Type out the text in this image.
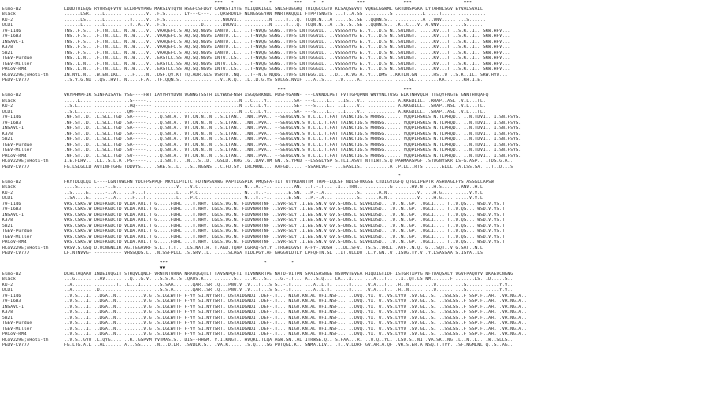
***   *      *      *        ***    *  *            ***              ***                   ***
Elmo-02	LDDDTVIEQG RYVRSQFVYV ECLRPVYPWG MAKSIVTQYN HSGFCSFDGY CAMKSTIYTE YLIQDKIGLL SNLSFDEGRQ TVIQGCCGTV KLSAQSEVVT VQKELGGWML GRTDNSPGKA LYTAHNLSGV EYVALSVAIL
Black	......LSR. ...L...... ........V. .F.S...... LY---C---. ..QASRDVLF NLNGSGEYRN MNRTAKQQII FTPPTSNGTS ...T..A.SS .........S ..........L ....T..... ..........
KU-2	......LS.. ...L...... ..T.....V. .F.S...... .......... ...NVDVI.. .........N ....T...Q. TCQN.N...A .....S..SE ..QQNN.S.. ..........A ..VNV..... ...S......
UCD1	......L... ...L...... ..T..A..V. .F.S...... ......D... ...DVDVI.. .........N ....T...Q. TCQN.N...A ..S..S..SE ..QQNN.S.. .K..C...V. A.VNV..... ...S......
79-1146	TNS..F.S.. .F.TN..LL. N..W....V. .VAAQEFC.S AQ.SQ.NGVS IANTV..L.. ..T-NVQG SGNG..TVFS LNTTGGVIL. ..VSSSSYYG E..Y...D.S N..SVLNGT. .....KV...T ..S.K..I.. SKW.HFV...
79-1683	TNS..F.S.. .F.TN..LL. N..W....V. .VAAQEFC.S AQ.SQ.NGVS IANTV..L.. ..T-NVQG SGNG..TVFS LNTTGGVIL. ..VSSSSYYG E..Y...D.S N..SVLNGT. .....KV...T ..S.K..I.. SKW.HFV...
INSAVC-1	TNS..F.S.. .F.TN..LL. N..W....V. .VAAQEFC.S AQ.SQ.NGVS IANTV..L.. ..T-NVQG SGNG..TVFS LNTTGGVIL. ..VSSSSYYG E..Y...D.S N..SVLNGT. .....KV...T ..S.K..I.. SKW.HFV...
K378	TNS..F.S.. .F.TN..LL. N..W....V. .VAAQEFC.S AQ.SQ.NGVS IANTV..L.. ..T-NVQG SGNG..TVFS LNTTGGVIL. ..VSSSSYYG E..Y...D.S N..SVLNGT. .....KV...T ..S.K..I.. SKW.HFV...
5821	TNS..F.S.. .F.TN..LL. N..W....V. .VAAQEFC.S AQ.SQ.NGVS IANTV..L.. ..T-NVQG SGNG..TVFS LNTTGGVIL. ..VSSSSYYG E..Y...D.S N..SVLNGT. .....KV...T ..S.K..I.. SKW.HFV...
TGEV-Purdue	TNS..L.N.. .F.TN..LL. N..W....V. .EASTLC.SS AQ.SQ.NGVS INTV..LS.. ..T-NVQG SGNG..TVFS LNTTGGGIL. ..VSSSSYYG E..Y...D.S N..SVLNGT. .....KV...T ..S.K..I.. SKW.HFV...
TGEV-Miller	TNS..L.N.. .F.TN..LL. N..W....V. .EASTLC.SS AQ.SQ.NGVS INTV..LS.. ..T-NVQG SGNG..TVFS LNTTGGGIL. ..VSSSSYYG E..Y...D.S N..SVLNGT. .....KV...T ..S.K..I.. SKW.HFV...
PRCoV-RM4	TNS..L.N.. .F.TN..LL. N..W....V. .EASTLC.SS AQ.SQ.NGVS INTV..LS.. ..T-NVQG SGNG..TVFS LNTTGGGIL. ..VSSSSYYG E..Y...D.S N..SVLNGT. .....KV...T ..S.K..I.. SKW.HFV...
HCoV229E;vHoti-th	IN.NYL.N.. .W.EN.IKL. ...F....N. .DSF.QY.KT TQ.ADR.GLS VSRTV..NQ. ..T--N.G NQDG..TVFS LNTEGG.IL. ..D...K.VG A..Y...DMS ..KKTLN.GN .....RS..V ..S.K..IL. SKW.HYV...
PEDV-CV777	..S.Y.G.NI ..QS..HVT. N.....F.A. .TF.QQN.S. .......... ..V..K.Q.. .L..D.G.YS SVLGS.NVIF ...A..S... ..V.....A. .......... .....SL... .....KA... ...KH.I.E.
***                                           ***
Elmo-02	VKYPHMPFIK SINFAISAYE YSG----FWT IAYYHYYDVN VGNNGTSSTH ILYWDSFNSH ISGQGRKNDL PDSFYGANN- ---LVKNDLPET FVTTGPQPNN WNYYNLTVSG ELKTNHVQLH TTEQYFNGTE GNNTHVQAFQ
Black	.....L.... .......... ..S-----.. .......... .......... .........N ..C....Y.. .......SA- ---L....L.. ..IS...V.. .......... A.KKEDIIL. .RRAP..ASL .V.L...TL.
KU-2	..S.L..... .......... ..AQ------ .......... .......... .........N ..C..L.Y.. .......SE- ---S....L.. ..I....V.. .......... A.KKGDILL. .SRAP..NSL .V.L...TL.
UCD1	..S.L..... .......... .QM------. .......... .......... .........N ..C..L.Y.. .......SA- ---S....L.. ..I....V.. .......... A.KKGDILL. .SRAP..ASL .V.L...TL.
79-1146	.NF.ST..D. .L.SLL.TGD .SA-----.. ..Q.SN.A.. VT.CN.N..N ..S.LTAN.. .NN..PVA.. --SEVGLVN.S V.L.L.T.FAT TAINCTIG.S MRNSG...... YQQPIHSKLS N.TLPHQD.. ..N.TDVI.. I.SN.FSYS.
79-1683	.NF.ST..D. .L.SLL.TGD .SA-----.. ..Q.SN.A.. VT.CN.N..N ..S.LTAN.. .NN..PVA.. --SEVGLVN.S V.L.L.T.FAT TAINCTIG.S MRNSG...... YQQPIHSKLS N.TLPHQD.. ..N.TDVI.. I.SN.FSYS.
INSAVC-1	.NF.ST..D. .L.SLL.TGD .SA-----.. ..Q.SN.A.. VT.CN.N..N ..S.LTAN.. .NN..PVA.. --SEVGLVN.S V.L.L.T.FAT TAINCTIG.S MRNSG...... YQQPIHSKLS N.TLPHQD.. ..N.TDVI.. I.SN.FSYS.
K378	.NF.ST..D. .L.SLL.TGD .SA-----.. ..Q.SN.A.. VT.CN.N..N ..S.LTAN.. .NN..PVA.. --SEVGLVN.S V.L.L.T.FAT TAINCTIG.S MRNSG...... YQQPIHSKLS N.TLPHQD.. ..N.TDVI.. I.SN.FSYS.
5821	.NF.ST..D. .L.SLL.TGD .SA-----.. ..Q.SN.A.. VT.CN.N..N ..S.LTAN.. .NN..PVA.. --SEVGLVN.S V.L.L.T.FAT TAINCTIG.S MRNSG...... YQQPIHSKLS N.TLPHQD.. ..N.TDVI.. I.SN.FSYS.
TGEV-Purdue	.NF.ST..D. .L.SLL.TGD .SA-----.. ..Q.SN.A.. VT.CN.N..N ..S.LTAN.. .NN..PVA.. --SEVGLVN.S V.L.L.T.FAT TAINCTIG.S MRNSG...... YQQPIHSKLS N.TLPHQD.. ..N.TDVI.. I.SN.FSYS.
TGEV-Miller	.NF.ST..D. .L.SLL.TGD .SV-----.. ..Q.SN.A.. VT.CN.N..N ..S.LTAN.. .NN..PVA.. --SEVGLVN.S V.L.L.T.FAT TAINCTIG.S MRNSG...... YQQPIHSKLS N.TLPHQD.. ..N.TDVI.. I.SN.FSYS.
PRCoV-RM4	.NF.ST..D. .L.SLL.TGD .SV-----.. ..Q.SN.A.. VT.CN.N..N ..S.LTAN.. .NN..PVA.. --SEVGLVN.S V.L.L.T.FAT TAINCTIG.S MRNSG...... YQQPIHSKLS N.TLPHQD.. ..N.TDVI.. I.SN.FSYS.
HCoV229E;vHoti-th	I.E.FLHV.. .LL..S.L.A .PS-----.. ..I.SN.T.. .N...S..D. .GSLD..KRG .G..DAV.VM GN..S.YPKD --LSSGLYSP S.TLI.ASVT NTTIWT.S.Q PAHMAASPGF .STVGNYSKR LS-G.ASP.. .TDS.G.A..
PEDV-CV777	FG.LSLGLLD AVTINFTGHG TDDVYS.... .SKE.S..L. ..S..NGSNS ..C.FD.SY. LRLMRNL... AAFGD..... -SSAHLVG-- ...EASLIS. .........A .P.LL..RTS ......ELLL .A.LSS.SA. ..T..D...S
*
Elmo-02	FKYTDLQLQI L----LGNTVWLHN YDCFPSPPQF MKYLLPTLTC FDTNPSVAWG PAPTIGSPIK PMQSFA-TIT VTYKDANTTM TRPF-LQLSF NDISFVKGSE CTDIGYIGFQ QTGLIPEPTR ASHVAGLFYS ASSGLLAPSW
Black	....S..... ....-..E.. .......... ........V. ..V.C..... .......... N...A..-.. .......AN. ..T.-.T... .I...TRN.. .........G ......HV.N ...H.S.... ..ANV..H.L
KU-2	..S.....E. ....-..A.. ...F...T.. ........L. ..P.C..... .......... N...T..-.. .....E.SN. ..P.-.A... ........S. .....A.N.. ........V. ...H.G.... .....V.Y.L
UCD1	..SA....E. ....-..A.. ...F...T.. ........L. ..P.C..... .......... N...T..-.. .....E.SN. ..P.-.A... ........S. .....A.N.. ........V. ...H.G.... .....V.Y.L
79-1146	VRS.CSKS.W DHIFKGDCTD VLDA.AVI.T G.....FDHL ...T.NHY. LGLS.VG.N. FIDVNARTNF ..SVR-SLY .I.EE.SN.V GV.S-DNS.L SLVHLDSD.. .V..N..GP. .VGLI.... T..V.QS... WSD.V.YS.T
79-1683	VRS.CSKS.W DHIFKGDCTD VLDA.AVI.T G.....FDHL ...T.NHY. LGLS.VG.N. FIDVNARTNF ..SVR-SLY .I.EE.SN.V GV.S-DNS.L SLVHLDSD.. .V..N..GP. .VGLI.... T..V.QS... WSD.V.YS.T
INSAVC-1	VRS.CSKS.W DHIFKGDCTD VLDA.AVI.T G.....FDHL ...T.NHY. LGLS.VG.N. FIDVNARTNF ..SVR-SLY .I.EE.SN.V GV.S-DNS.L SLVHLDSD.. .V..N..GP. .VGLI.... T..V.QS... WSD.V.YS.T
K378	VRS.CSKS.W DHIFKGDCTD VLDA.AVI.T G.....FDHL ...T.NHY. LGLS.VG.N. FIDVNARTNF ..SVR-SLY .I.EE.SN.V GV.S-DNS.L SLVHLDSD.. .V..N..GP. .VGLI.... T..V.QS... WSD.V.YS.T
5821	VRS.CSKS.W DHIFKGDCTD VLDA.AVI.T G.....FDHL ...T.NHY. LGLS.VG.N. FIDVNARTNF ..SVR-SLY .I.EE.SN.V GV.S-DNS.L SLVHLDSD.. .V..N..GP. .VGLI.... T..V.QS... WSD.V.YS.T
TGEV-Purdue	VRS.CSKS.W DHIFKGDCTD VLDA.AVI.T G.....FDHL ...T.NHY. LGLS.VG.N. FIDVNARTNF ..SVR-SLY .I.EE.SN.V GV.S-DNS.L SLVHLDSD.. .V..N..GP. .VGLI.... T..V.QS... WSD.V.YS.T
TGEV-Miller	VRS.CSKS.W DHIFKGDCTD VLDA.AVI.T G.....FDHL ...T.NHY. LGLS.VG.N. FIDVNARTNF ..SVR-SLY .I.EE.SN.V GV.S-DNS.L SLVHLDSD.. .V..N..GP. .VGLI.... T..V.QS... WSD.V.YS.T
PRCoV-RM4	VRS.CSKS.W DHIFKGDCTD VLDA.AVI.T G.....FDHL ...T.NHY. LGLS.VG.N. FIDVNARTNF ..SVR-SLY .I.EE.SN.V GV.S-DNS.L SLVHLDSD.. .V..N..GP. .VGLI.... T..V.QS... WSD.V.YS.T
HCoV229E;vHoti-th	VRSV.S.GSQ D.VCNGNLIK AG.TEGAVRF S.L..T.T.. .LS.NAT.H. T.AGD.TQAP LGRAQ-SY.Y .TRGHIGVST A-FY-.VDSH ...DL.SFV. TS.S..VRLL .AVF..N.Q. G...SQT..V G.SAT..N.L
PEDV-CV777	LF.NTNVVG- ---------- VHSSQDS.L. .N.SSFPLLL .S.SRV..L. .....SLAGA TIDLPGY.AF GHGGVLDTLY LPFQFTN.SL ..IT.VLLDV .L.Y.GN..V .ISVG.TY.V .Y.LSASSAA S.ISYA..LS
***                                   *         *
▼▼
Elmo-02	DCHLTAQAAV INDEIVQGIT STKQVLQNLF VRNTNTVRNA NRAVQGQTLT TAVSNPQFTI TIVNNKRTPE NATD-VITPN SPAISRSNGE NSVMVTEVEA HIQDIGTIDF ISTGRTIPYG NFTVAQSALY VGVFPAQVYV DKAEVCNGNG
Black	...G...... ..AV...... ..Q...G.V. ..S.S.A..S .QAVS.K... .......S.. ...R...S.. ..G.-.T... A...S.Q... LA...I.... ...A...T.. ..I..QT.LS NM.......F .......LS. .D.....S..
KU-2	..A....... ........T. .L...I.... ..S.SAA... ...QAR..SR .Q...PNV.V .V...T...S S..-.T.... ...A..L.T. .....T.... .V.A...T.. .H..N..... ...V...... ...S...... .....Y.Y..
UCD1	..A....... .D........ .......... ..S.S.A... ...QAR..SR .Q...PNV.V .V...T...S S..-.T.... ...A..L.T. .....T.... .V.A...T.. .H..N..... ...V...... ...S...... .....Y.Y..
79-1146	..V.S...I. ..DGA..N.. .......V.G .S.LGLWTTF F-YY SI.NYTSRT. DSTAIDGNDI .DEF-.T... NIGV.KN.AL VFI.NSF... ..DVQ..YI. V..VS.LYYV .SV.GL..S. ..SSLSS..F SSP.F..AH. .VR.NG.A..
79-1683	..V.S...I. ..DGA..N.. .......V.G .S.LGLWTTF F-YY SI.NYTSRT. DSTAIDGNDI .DEF-.T... NIGV.KN.AL VFI.NSF... ..DVQ..YI. V..VS.LYYV .SV.GL..S. ..SSLSS..F SSP.F..AH. .VR.NG.A..
INSAVC-1	..V.S...I. ..DGA..N.. .......V.G .S.LGLWTTF F-YY SI.NYTSRT. DSTAIDGNDI .DEF-.T... NIGV.KN.AL VFI.NSF... ..DVQ..YI. V..VS.LYYV .SV.GL..S. ..SSLSS..F SSP.F..AH. .VR.NG.A..
K378	..V.S...I. ..DGA..N.. .......V.G .S.LGLWTTF F-YY SI.NYTSRT. DSTAIDGNDI .DEF-.T... NIGV.KN.AL VFI.NSF... ..DVQ..YI. V..VS.LYYV .SV.GL..S. ..SSLSS..F SSP.F..AH. .VR.NG.A..
5821	..V.S...I. ..DGA..N.. .......V.G .S.LGLWTTF F-YY SI.NYTSRT. DSTAIDGNDI .DEF-.T... NIGV.KN.AL VFI.NSF... ..DVQ..YI. V..VS.LYYV .SV.GL..S. ..SSLSS..F SSP.F..AH. .VR.NG.A..
TGEV-Purdue	..V.S...I. ..DGA..N.. .......V.G .S.LGLWTTF F-YY SI.NYTSRT. DSTAIDGNDI .DEF-.T... NIGV.KN.AL VFI.NSF... ..DVQ..YI. V..VS.LYYV .SV.GL..S. ..SSLSS..F SSP.F..AH. .VR.NG.A..
TGEV-Miller	..V.S...I. ..DGA..N.. .......V.G .S.LGLWTTF F-YY SI.NYTSRT. DSTAIDGNDI .DEF-.T... NIGV.KN.AL VFI.NSF... ..DVQ..YI. V..VS.LYYV .SV.GL..S. ..SSLSS..F SSP.F..AH. .VR.NG.A..
PRCoV-RM4	..V.S...I. ..DGA..N.. .......V.G .S.LGLWTTF F-YY SI.NYTSRT. DSTAIDGNDI .DEF-.T... NIGV.KN.AL VFI.NSF... ..DVQ..YI. V..VS.LYYV .SV.GL..S. ..SSLSS..F SSP.F..AH. .VR.NG.A..
HCoV229E;vHoti-th	..V.S..GYV .L.QYG.... ..K..GSPVM YVTMAS.S.. DIS--HHGM. Y.I.KNGT.. HVQKL.TLQA AGW.SN..AL ITRWSE.Q.. S.FAA...R. ..V.Q..YL. .LSV.S..NI .VA.SK..NG .L..N..L.. .W..SLLS..
PEDV-CV777	FG.LTG.A.L ..AL...... A...SS.... .N...D.LR. .SVDLK.S.. .VA.K..... .S.Q....SG PVTQGL.K.. SNMA.LIV.. .T..V.LDRF GV.AR.A.QF .VK.S.ER.A NSQ.T.TYY. .SF.NGMLNL Q..S..AG..
